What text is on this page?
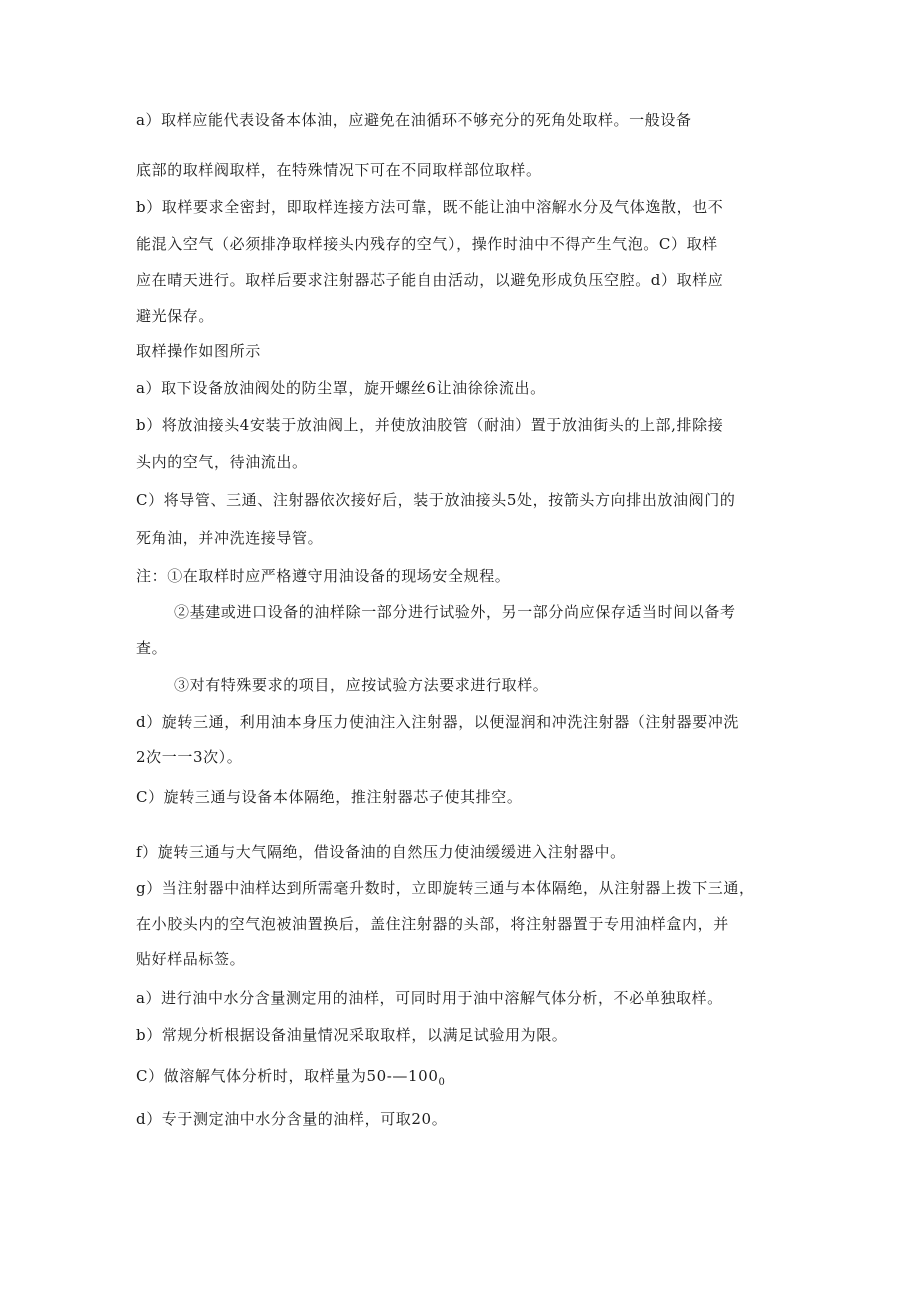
a）取样应能代表设备本体油，应避免在油循环不够充分的死角处取样。一般设备
底部的取样阀取样，在特殊情况下可在不同取样部位取样。
b）取样要求全密封，即取样连接方法可靠，既不能让油中溶解水分及气体逸散，也不
能混入空气（必须排净取样接头内残存的空气），操作时油中不得产生气泡。C）取样
应在晴天进行。取样后要求注射器芯子能自由活动，以避免形成负压空腔。d）取样应
避光保存。
取样操作如图所示
a）取下设备放油阀处的防尘罩，旋开螺丝6让油徐徐流出。
b）将放油接头4安装于放油阀上，并使放油胶管（耐油）置于放油街头的上部,排除接
头内的空气，待油流出。
C）将导管、三通、注射器依次接好后，装于放油接头5处，按箭头方向排出放油阀门的
死角油，并冲洗连接导管。
注：①在取样时应严格遵守用油设备的现场安全规程。
②基建或进口设备的油样除一部分进行试验外，另一部分尚应保存适当时间以备考
查。
③对有特殊要求的项目，应按试验方法要求进行取样。
d）旋转三通，利用油本身压力使油注入注射器，以便湿润和冲洗注射器（注射器要冲洗
2次一一3次）。
C）旋转三通与设备本体隔绝，推注射器芯子使其排空。
f）旋转三通与大气隔绝，借设备油的自然压力使油缓缓进入注射器中。
g）当注射器中油样达到所需毫升数时，立即旋转三通与本体隔绝，从注射器上拨下三通，
在小胶头内的空气泡被油置换后，盖住注射器的头部，将注射器置于专用油样盒内，并
贴好样品标签。
a）进行油中水分含量测定用的油样，可同时用于油中溶解气体分析，不必单独取样。
b）常规分析根据设备油量情况采取取样，以满足试验用为限。
C）做溶解气体分析时，取样量为$50-—100_0$
d）专于测定油中水分含量的油样，可取20。
